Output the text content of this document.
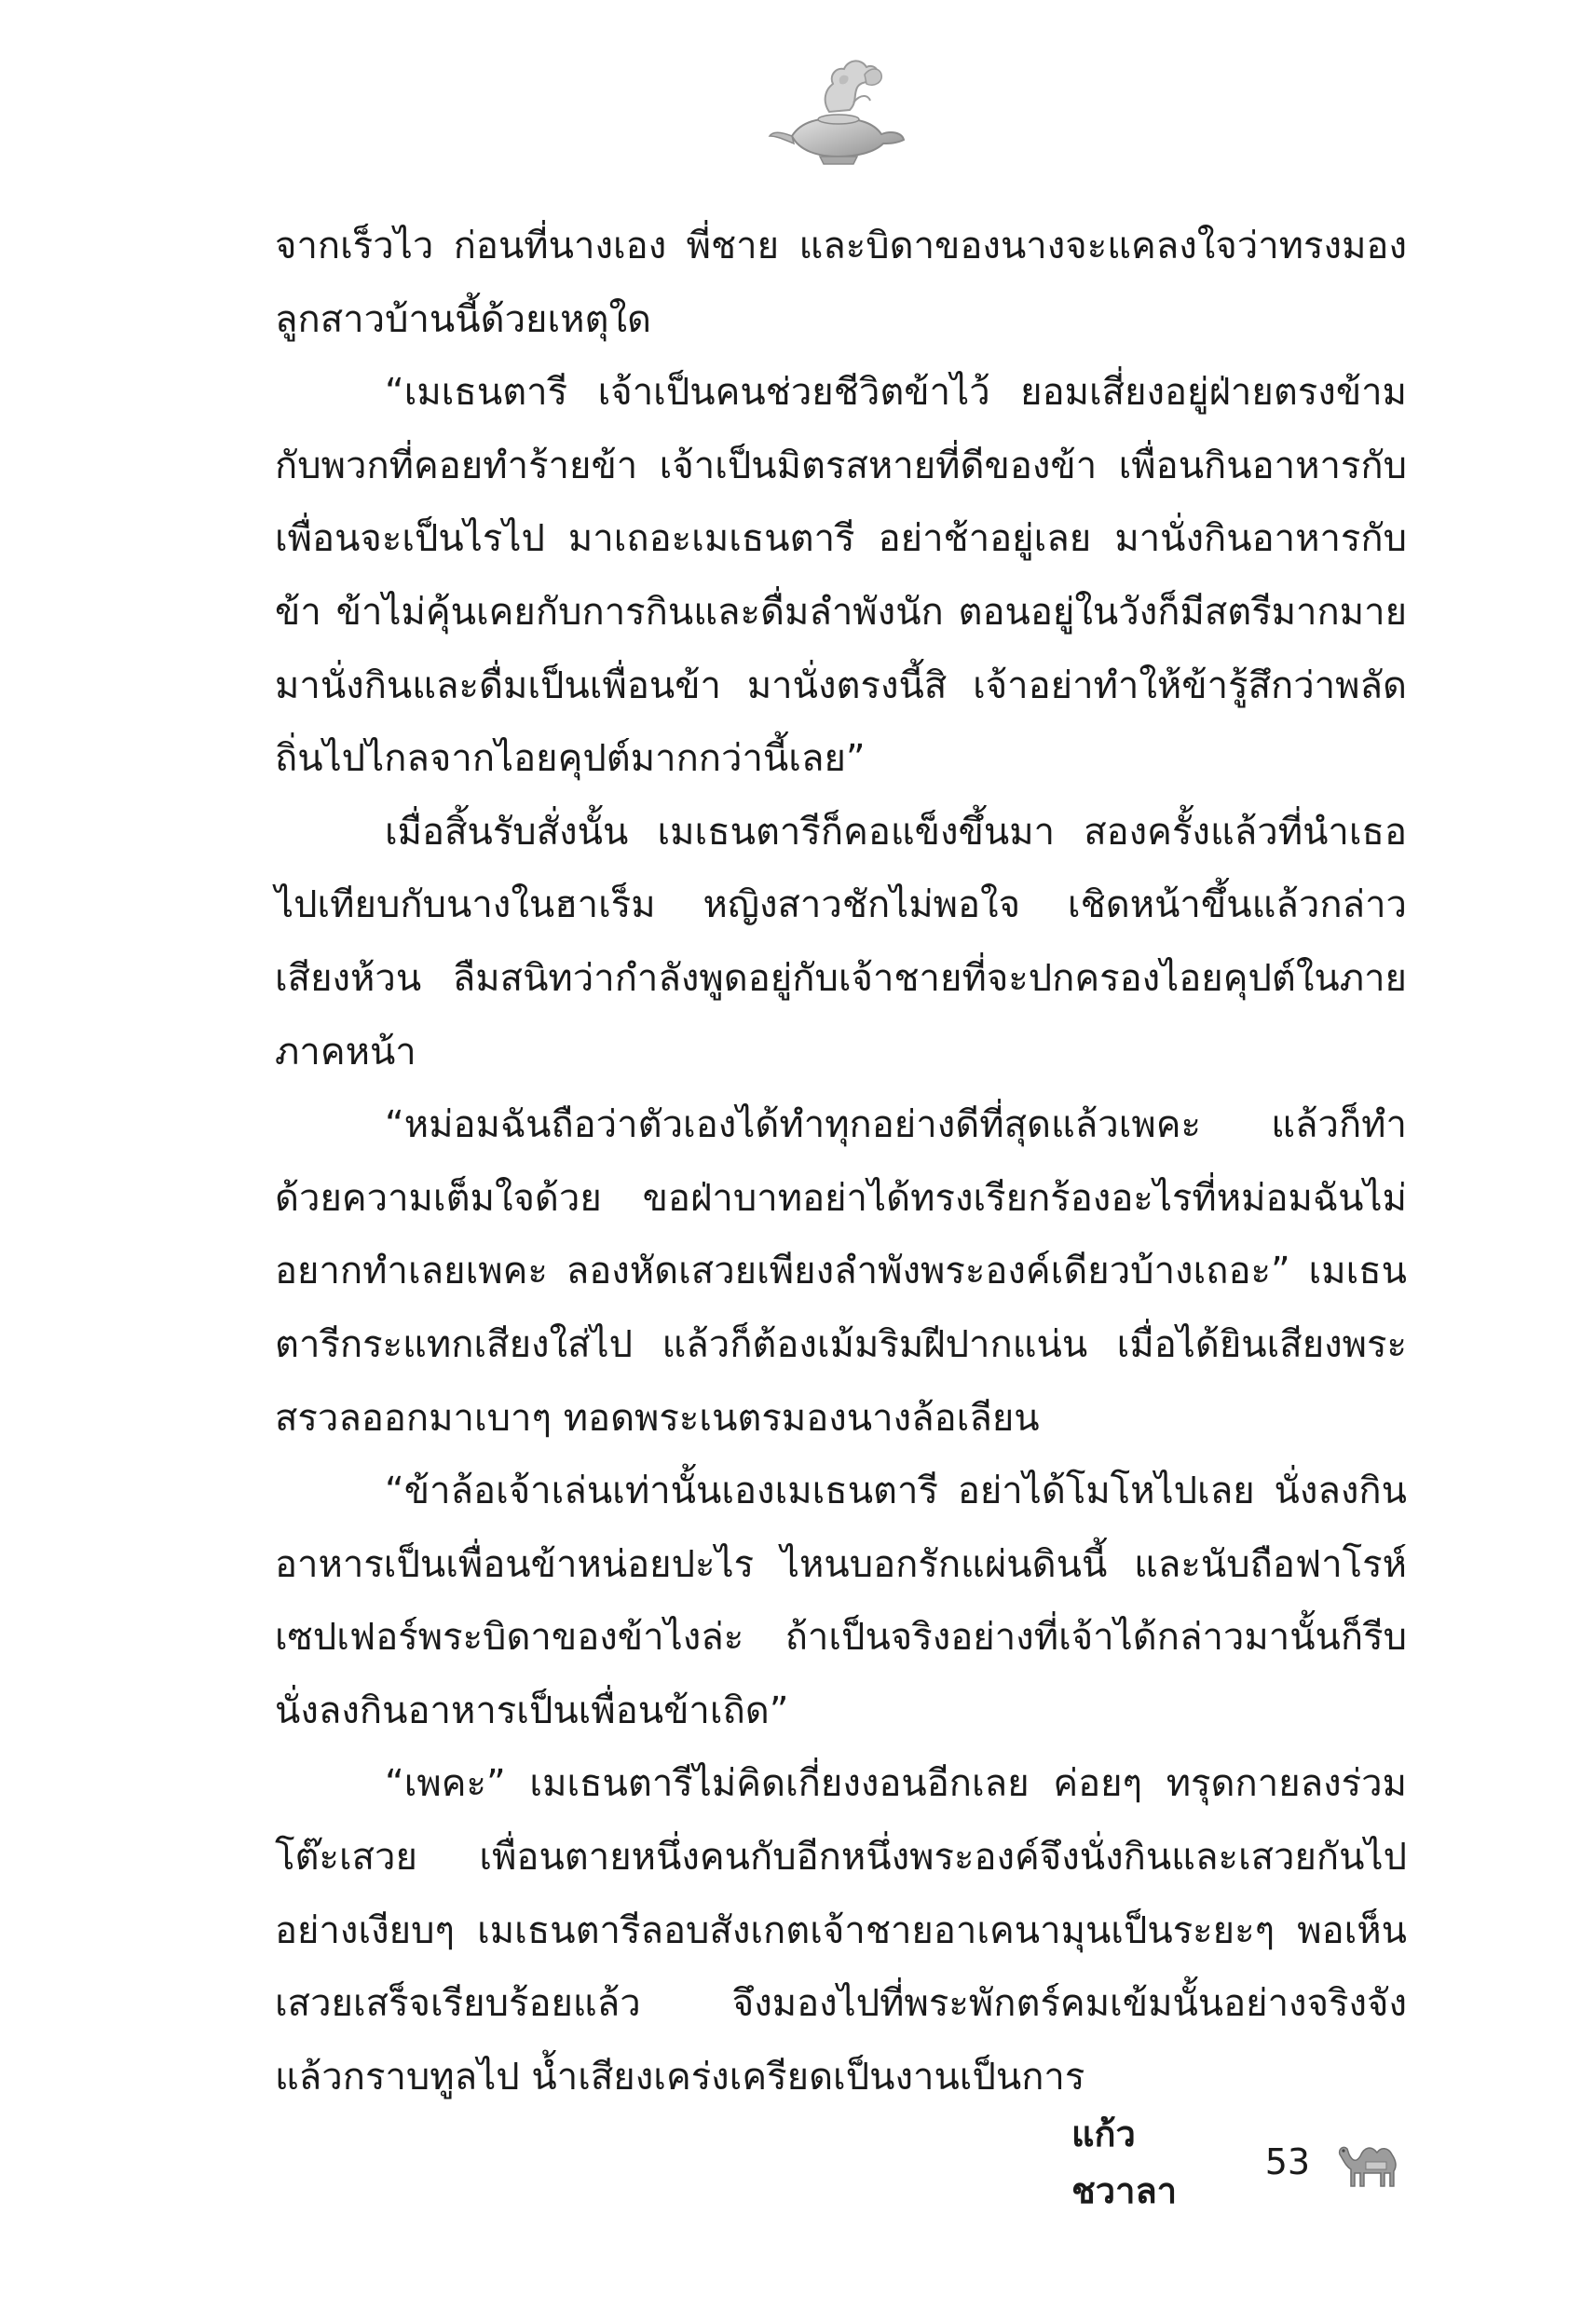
จากเร็วไว ก่อนที่นางเอง พี่ชาย และบิดาของนางจะแคลงใจว่าทรงมองลูกสาวบ้านนี้ด้วยเหตุใด

“เมเธนตารี เจ้าเป็นคนช่วยชีวิตข้าไว้ ยอมเสี่ยงอยู่ฝ่ายตรงข้ามกับพวกที่คอยทำร้ายข้า เจ้าเป็นมิตรสหายที่ดีของข้า เพื่อนกินอาหารกับเพื่อนจะเป็นไรไป มาเถอะเมเธนตารี อย่าช้าอยู่เลย มานั่งกินอาหารกับข้า ข้าไม่คุ้นเคยกับการกินและดื่มลำพังนัก ตอนอยู่ในวังก็มีสตรีมากมายมานั่งกินและดื่มเป็นเพื่อนข้า มานั่งตรงนี้สิ เจ้าอย่าทำให้ข้ารู้สึกว่าพลัดถิ่นไปไกลจากไอยคุปต์มากกว่านี้เลย”

เมื่อสิ้นรับสั่งนั้น เมเธนตารีก็คอแข็งขึ้นมา สองครั้งแล้วที่นำเธอไปเทียบกับนางในฮาเร็ม หญิงสาวชักไม่พอใจ เชิดหน้าขึ้นแล้วกล่าวเสียงห้วน ลืมสนิทว่ากำลังพูดอยู่กับเจ้าชายที่จะปกครองไอยคุปต์ในภายภาคหน้า

“หม่อมฉันถือว่าตัวเองได้ทำทุกอย่างดีที่สุดแล้วเพคะ แล้วก็ทำด้วยความเต็มใจด้วย ขอฝ่าบาทอย่าได้ทรงเรียกร้องอะไรที่หม่อมฉันไม่อยากทำเลยเพคะ ลองหัดเสวยเพียงลำพังพระองค์เดียวบ้างเถอะ” เมเธนตารีกระแทกเสียงใส่ไป แล้วก็ต้องเม้มริมฝีปากแน่น เมื่อได้ยินเสียงพระสรวลออกมาเบาๆ ทอดพระเนตรมองนางล้อเลียน

“ข้าล้อเจ้าเล่นเท่านั้นเองเมเธนตารี อย่าได้โมโหไปเลย นั่งลงกินอาหารเป็นเพื่อนข้าหน่อยปะไร ไหนบอกรักแผ่นดินนี้ และนับถือฟาโรห์เซปเฟอร์พระบิดาของข้าไงล่ะ ถ้าเป็นจริงอย่างที่เจ้าได้กล่าวมานั้นก็รีบนั่งลงกินอาหารเป็นเพื่อนข้าเถิด”

“เพคะ” เมเธนตารีไม่คิดเกี่ยงงอนอีกเลย ค่อยๆ ทรุดกายลงร่วมโต๊ะเสวย เพื่อนตายหนึ่งคนกับอีกหนึ่งพระองค์จึงนั่งกินและเสวยกันไปอย่างเงียบๆ เมเธนตารีลอบสังเกตเจ้าชายอาเคนามุนเป็นระยะๆ พอเห็นเสวยเสร็จเรียบร้อยแล้ว จึงมองไปที่พระพักตร์คมเข้มนั้นอย่างจริงจัง แล้วกราบทูลไป น้ำเสียงเคร่งเครียดเป็นงานเป็นการ

แก้วชวาลา
53
